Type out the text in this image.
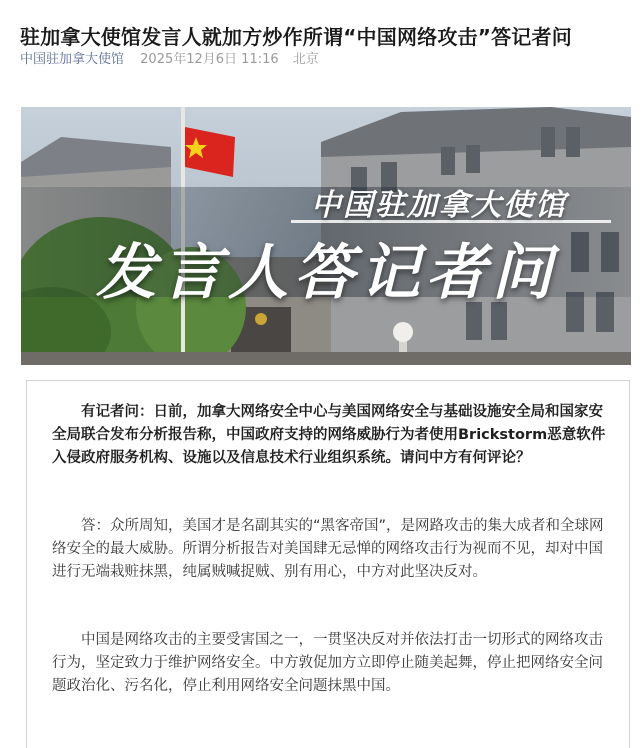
驻加拿大使馆发言人就加方炒作所谓“中国网络攻击”答记者问
中国驻加拿大使馆 2025年12月6日 11:16 北京
中国驻加拿大使馆
发言人答记者问

有记者问：日前，加拿大网络安全中心与美国网络安全与基础设施安全局和国家安全局联合发布分析报告称，中国政府支持的网络威胁行为者使用Brickstorm恶意软件入侵政府服务机构、设施以及信息技术行业组织系统。请问中方有何评论？

答：众所周知，美国才是名副其实的“黑客帝国”，是网路攻击的集大成者和全球网络安全的最大威胁。所谓分析报告对美国肆无忌惮的网络攻击行为视而不见，却对中国进行无端栽赃抹黑，纯属贼喊捉贼、别有用心，中方对此坚决反对。

中国是网络攻击的主要受害国之一，一贯坚决反对并依法打击一切形式的网络攻击行为，坚定致力于维护网络安全。中方敦促加方立即停止随美起舞，停止把网络安全问题政治化、污名化，停止利用网络安全问题抹黑中国。
